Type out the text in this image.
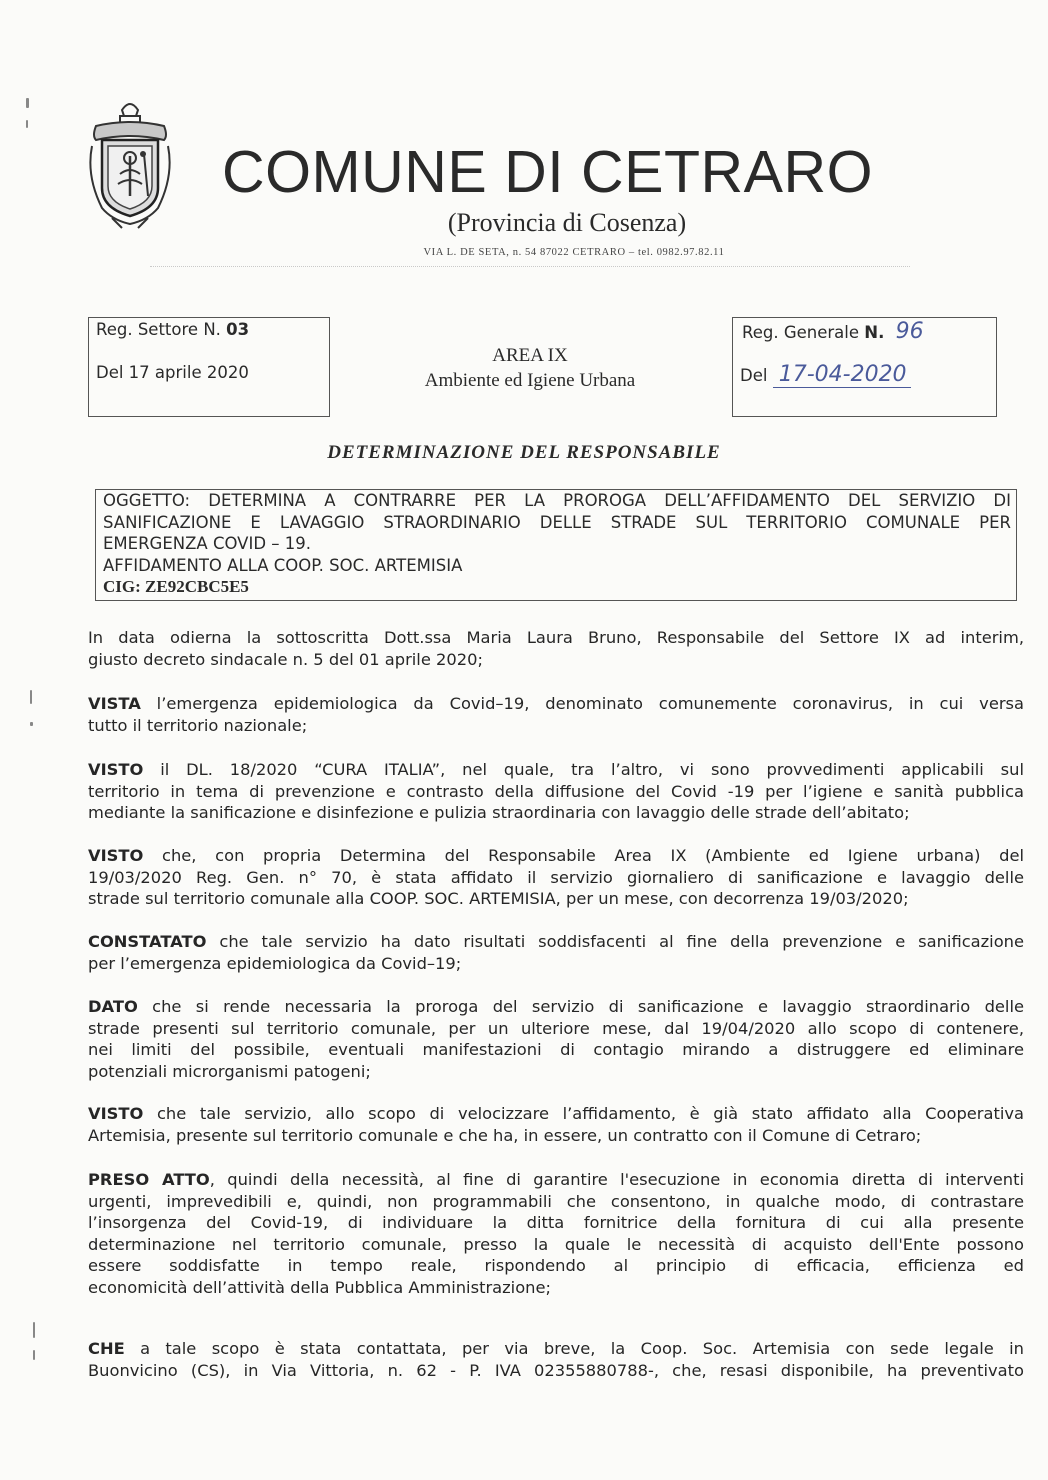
COMUNE DI CETRARO
(Provincia di Cosenza)
VIA L. DE SETA, n. 54 87022 CETRARO – tel. 0982.97.82.11
Reg. Settore N. 03
Del 17 aprile 2020
AREA IX
Ambiente ed Igiene Urbana
Reg. Generale N. 96
Del 17-04-2020
DETERMINAZIONE DEL RESPONSABILE
OGGETTO: DETERMINA A CONTRARRE PER LA PROROGA DELL’AFFIDAMENTO DEL SERVIZIO DI
SANIFICAZIONE E LAVAGGIO STRAORDINARIO DELLE STRADE SUL TERRITORIO COMUNALE PER
EMERGENZA COVID – 19.
AFFIDAMENTO ALLA COOP. SOC. ARTEMISIA
CIG: ZE92CBC5E5
In data odierna la sottoscritta Dott.ssa Maria Laura Bruno, Responsabile del Settore IX ad interim,
giusto decreto sindacale n. 5 del 01 aprile 2020;
VISTA l’emergenza epidemiologica da Covid–19, denominato comunemente coronavirus, in cui versa
tutto il territorio nazionale;
VISTO il DL. 18/2020 “CURA ITALIA”, nel quale, tra l’altro, vi sono provvedimenti applicabili sul
territorio in tema di prevenzione e contrasto della diffusione del Covid -19 per l’igiene e sanità pubblica
mediante la sanificazione e disinfezione e pulizia straordinaria con lavaggio delle strade dell’abitato;
VISTO che, con propria Determina del Responsabile Area IX (Ambiente ed Igiene urbana) del
19/03/2020 Reg. Gen. n° 70, è stata affidato il servizio giornaliero di sanificazione e lavaggio delle
strade sul territorio comunale alla COOP. SOC. ARTEMISIA, per un mese, con decorrenza 19/03/2020;
CONSTATATO che tale servizio ha dato risultati soddisfacenti al fine della prevenzione e sanificazione
per l’emergenza epidemiologica da Covid–19;
DATO che si rende necessaria la proroga del servizio di sanificazione e lavaggio straordinario delle
strade presenti sul territorio comunale, per un ulteriore mese, dal 19/04/2020 allo scopo di contenere,
nei limiti del possibile, eventuali manifestazioni di contagio mirando a distruggere ed eliminare
potenziali microrganismi patogeni;
VISTO che tale servizio, allo scopo di velocizzare l’affidamento, è già stato affidato alla Cooperativa
Artemisia, presente sul territorio comunale e che ha, in essere, un contratto con il Comune di Cetraro;
PRESO ATTO, quindi della necessità, al fine di garantire l'esecuzione in economia diretta di interventi
urgenti, imprevedibili e, quindi, non programmabili che consentono, in qualche modo, di contrastare
l’insorgenza del Covid-19, di individuare la ditta fornitrice della fornitura di cui alla presente
determinazione nel territorio comunale, presso la quale le necessità di acquisto dell'Ente possono
essere soddisfatte in tempo reale, rispondendo al principio di efficacia, efficienza ed
economicità dell’attività della Pubblica Amministrazione;
CHE a tale scopo è stata contattata, per via breve, la Coop. Soc. Artemisia con sede legale in
Buonvicino (CS), in Via Vittoria, n. 62 - P. IVA 02355880788-, che, resasi disponibile, ha preventivato
